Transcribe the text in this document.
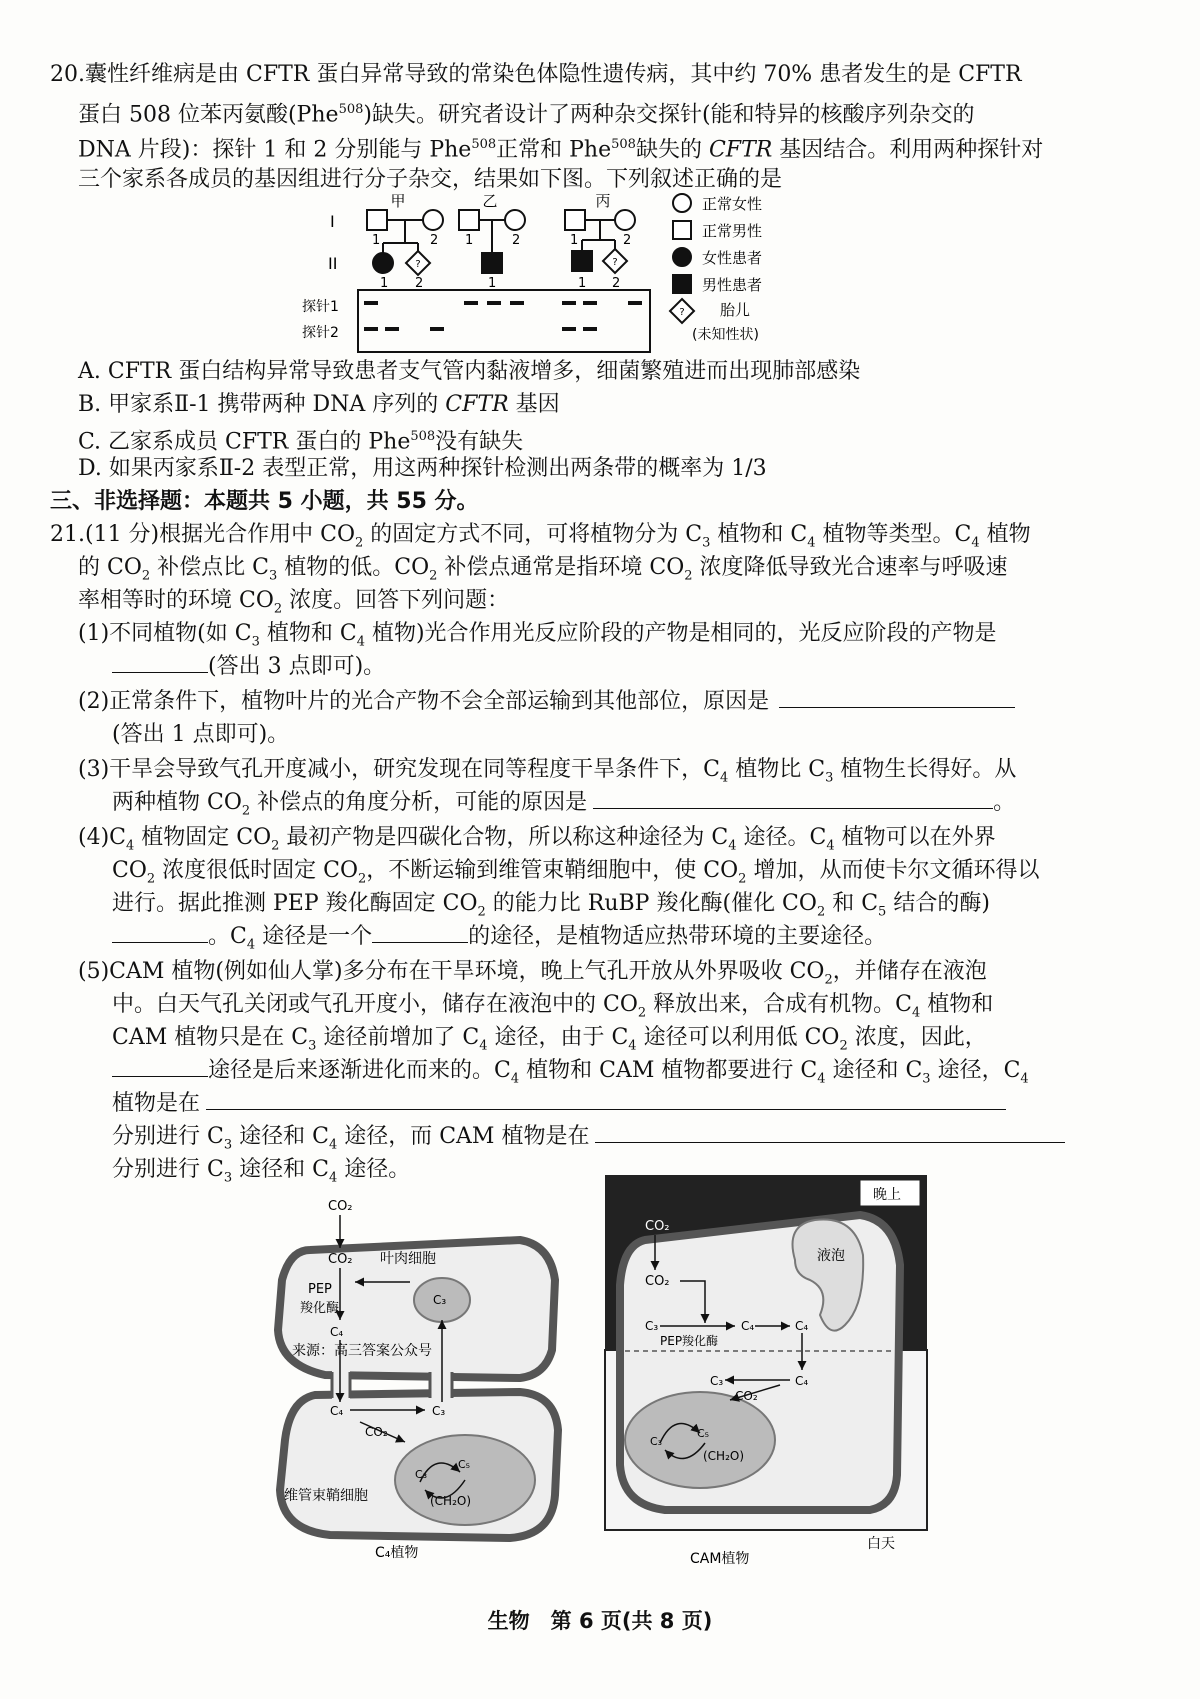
20.囊性纤维病是由 CFTR 蛋白异常导致的常染色体隐性遗传病，其中约 70% 患者发生的是 CFTR
蛋白 508 位苯丙氨酸(Phe$^{508}$)缺失。研究者设计了两种杂交探针(能和特异的核酸序列杂交的
DNA 片段)：探针 1 和 2 分别能与 Phe$^{508}$正常和 Phe$^{508}$缺失的 CFTR 基因结合。利用两种探针对
三个家系各成员的基因组进行分子杂交，结果如下图。下列叙述正确的是
甲	乙	丙
I
II
1	2 1	2	1	2
1 2	1	1 2
?	?
探针1
探针2
?
正常女性
正常男性
女性患者
男性患者
胎儿
(未知性状)
A. CFTR 蛋白结构异常导致患者支气管内黏液增多，细菌繁殖进而出现肺部感染
B. 甲家系Ⅱ-1 携带两种 DNA 序列的 CFTR 基因
C. 乙家系成员 CFTR 蛋白的 Phe$^{508}$没有缺失
D. 如果丙家系Ⅱ-2 表型正常，用这两种探针检测出两条带的概率为 1/3
三、非选择题：本题共 5 小题，共 55 分。
21.(11 分)根据光合作用中 $CO_2$ 的固定方式不同，可将植物分为 $C_3$ 植物和 $C_4$ 植物等类型。$C_4$ 植物
的 $CO_2$ 补偿点比 $C_3$ 植物的低。$CO_2$ 补偿点通常是指环境 $CO_2$ 浓度降低导致光合速率与呼吸速
率相等时的环境 $CO_2$ 浓度。回答下列问题：
(1)不同植物(如 $C_3$ 植物和 $C_4$ 植物)光合作用光反应阶段的产物是相同的，光反应阶段的产物是
(答出 3 点即可)。
(2)正常条件下，植物叶片的光合产物不会全部运输到其他部位，原因是
(答出 1 点即可)。
(3)干旱会导致气孔开度减小，研究发现在同等程度干旱条件下，$C_4$ 植物比 $C_3$ 植物生长得好。从
两种植物 $CO_2$ 补偿点的角度分析，可能的原因是	。
$(4)C_4$ 植物固定 $CO_2$ 最初产物是四碳化合物，所以称这种途径为 $C_4$ 途径。$C_4$ 植物可以在外界
$CO_2$ 浓度很低时固定 $CO_2$，不断运输到维管束鞘细胞中，使 $CO_2$ 增加，从而使卡尔文循环得以
进行。据此推测 PEP 羧化酶固定 $CO_2$ 的能力比 RuBP 羧化酶(催化 $CO_2$ 和 $C_5$ 结合的酶)
。$C_4$ 途径是一个	的途径，是植物适应热带环境的主要途径。
(5)CAM 植物(例如仙人掌)多分布在干旱环境，晚上气孔开放从外界吸收 $CO_2$，并储存在液泡
中。白天气孔关闭或气孔开度小，储存在液泡中的 $CO_2$ 释放出来，合成有机物。$C_4$ 植物和
CAM 植物只是在 $C_3$ 途径前增加了 $C_4$ 途径，由于 $C_4$ 途径可以利用低 $CO_2$ 浓度，因此，
途径是后来逐渐进化而来的。$C_4$ 植物和 CAM 植物都要进行 $C_4$ 途径和 $C_3$ 途径，$C_4$
植物是在
分别进行 $C_3$ 途径和 $C_4$ 途径，而 CAM 植物是在
分别进行 $C_3$ 途径和 $C_4$ 途径。
CO₂
CO₂ 叶肉细胞
PEP
羧化酶
C₃
C₄
来源：高三答案公众号
C₄	C₃
CO₂
C₃
C₅
(CH₂O)
维管束鞘细胞
C₄植物
晚上
白天
液泡
CO₂
CO₂
C₃
PEP羧化酶
C₄	C₄
C₄
C₃
CO₂
C₃
C₅
(CH₂O)
CAM植物
生物　第 6 页(共 8 页)
